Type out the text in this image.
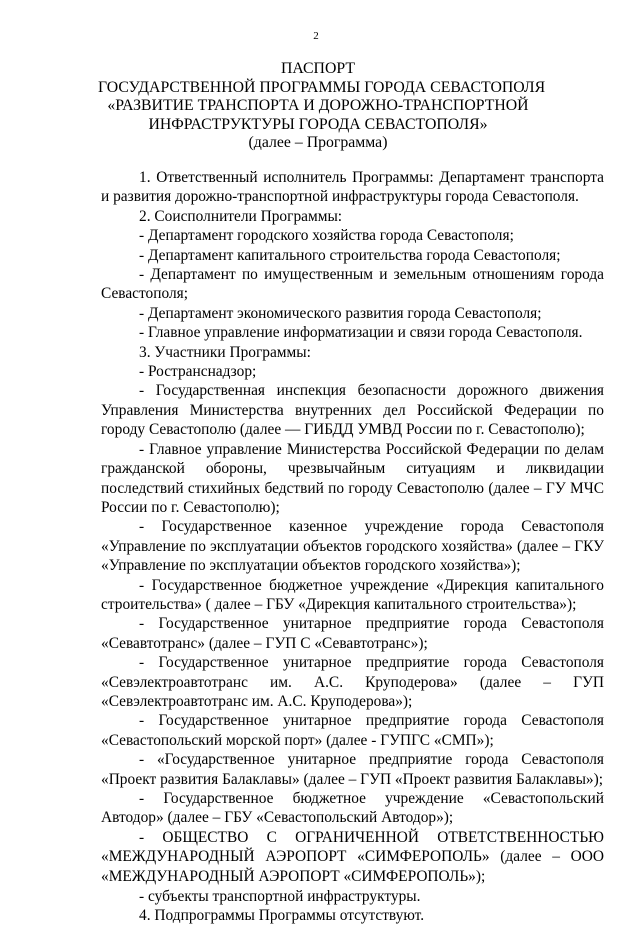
2
ПАСПОРТ
ГОСУДАРСТВЕННОЙ ПРОГРАММЫ ГОРОДА СЕВАСТОПОЛЯ
«РАЗВИТИЕ ТРАНСПОРТА И ДОРОЖНО-ТРАНСПОРТНОЙ
ИНФРАСТРУКТУРЫ ГОРОДА СЕВАСТОПОЛЯ»
(далее – Программа)

1. Ответственный исполнитель Программы: Департамент транспорта и развития дорожно-транспортной инфраструктуры города Севастополя.

2. Соисполнители Программы:

- Департамент городского хозяйства города Севастополя;

- Департамент капитального строительства города Севастополя;

- Департамент по имущественным и земельным отношениям города Севастополя;

- Департамент экономического развития города Севастополя;

- Главное управление информатизации и связи города Севастополя.

3. Участники Программы:

- Ространснадзор;

- Государственная инспекция безопасности дорожного движения Управления Министерства внутренних дел Российской Федерации по городу Севастополю (далее — ГИБДД УМВД России по г. Севастополю);

- Главное управление Министерства Российской Федерации по делам гражданской обороны, чрезвычайным ситуациям и ликвидации последствий стихийных бедствий по городу Севастополю (далее – ГУ МЧС России по г. Севастополю);

- Государственное казенное учреждение города Севастополя «Управление по эксплуатации объектов городского хозяйства» (далее – ГКУ «Управление по эксплуатации объектов городского хозяйства»);

- Государственное бюджетное учреждение «Дирекция капитального строительства» ( далее – ГБУ «Дирекция капитального строительства»);

- Государственное унитарное предприятие города Севастополя «Севавтотранс» (далее – ГУП С «Севавтотранс»);

- Государственное унитарное предприятие города Севастополя «Севэлектроавтотранс им. А.С. Круподерова» (далее – ГУП «Севэлектроавтотранс им. А.С. Круподерова»);

- Государственное унитарное предприятие города Севастополя «Севастопольский морской порт» (далее - ГУПГС «СМП»);

- «Государственное унитарное предприятие города Севастополя «Проект развития Балаклавы» (далее – ГУП «Проект развития Балаклавы»);

- Государственное бюджетное учреждение «Севастопольский Автодор» (далее – ГБУ «Севастопольский Автодор»);

- ОБЩЕСТВО С ОГРАНИЧЕННОЙ ОТВЕТСТВЕННОСТЬЮ «МЕЖДУНАРОДНЫЙ АЭРОПОРТ «СИМФЕРОПОЛЬ» (далее – ООО «МЕЖДУНАРОДНЫЙ АЭРОПОРТ «СИМФЕРОПОЛЬ»);

- субъекты транспортной инфраструктуры.

4. Подпрограммы Программы отсутствуют.
